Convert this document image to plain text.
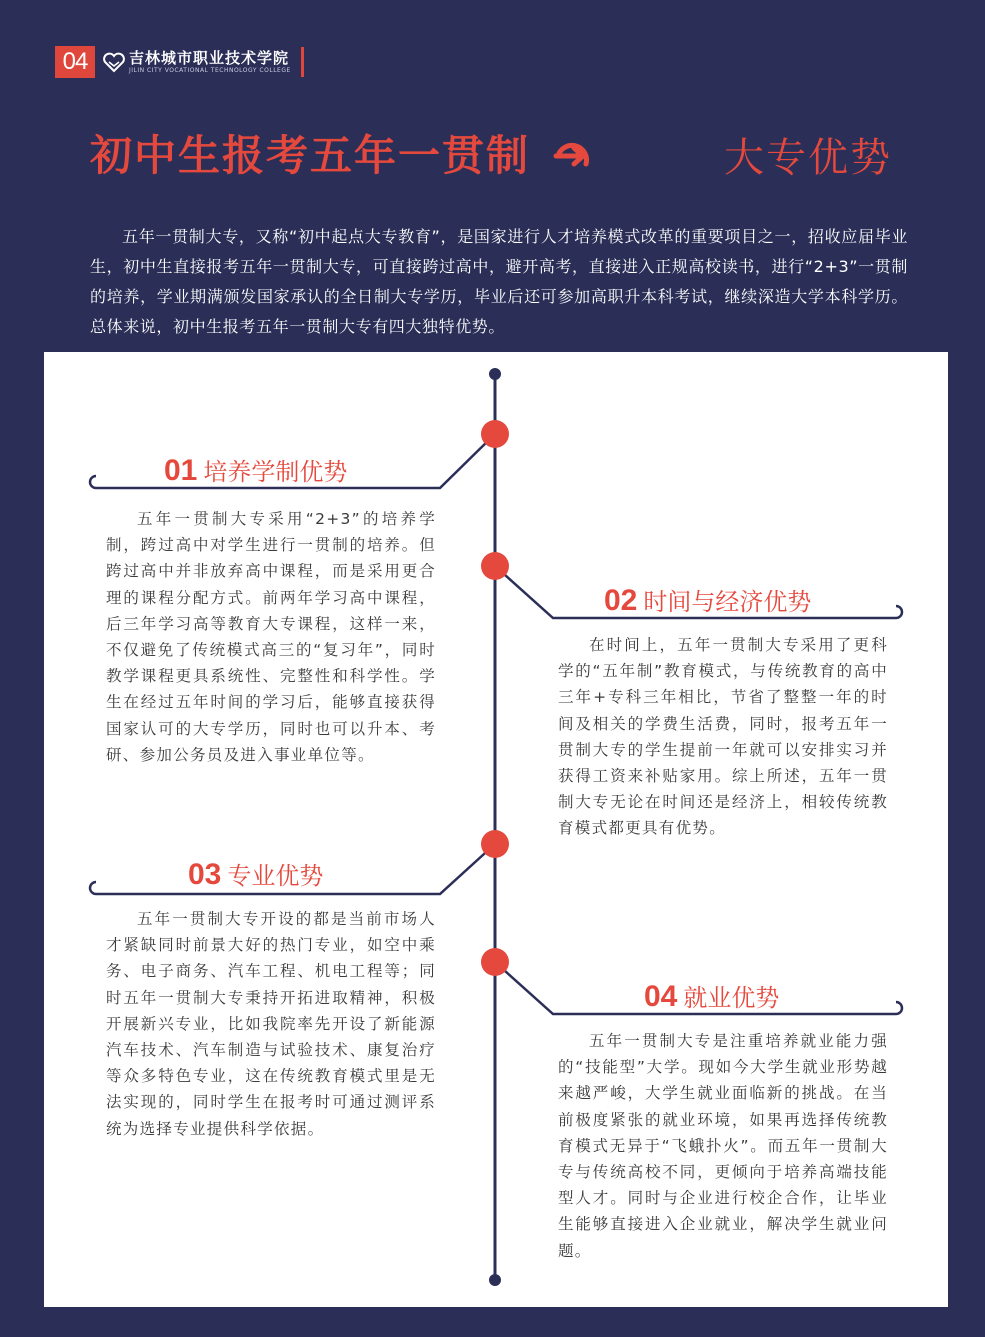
04	吉林城市职业技术学院
JILIN CITY VOCATIONAL TECHNOLOGY COLLEGE
初中生报考五年一贯制	大专优势
五年一贯制大专，又称“初中起点大专教育”，是国家进行人才培养模式改革的重要项目之一，招收应届毕业生，初中生直接报考五年一贯制大专，可直接跨过高中，避开高考，直接进入正规高校读书，进行“2+3”一贯制的培养，学业期满颁发国家承认的全日制大专学历，毕业后还可参加高职升本科考试，继续深造大学本科学历。总体来说，初中生报考五年一贯制大专有四大独特优势。
01 培养学制优势
五年一贯制大专采用“2+3”的培养学制，跨过高中对学生进行一贯制的培养。但跨过高中并非放弃高中课程，而是采用更合理的课程分配方式。前两年学习高中课程，后三年学习高等教育大专课程，这样一来，不仅避免了传统模式高三的“复习年”，同时教学课程更具系统性、完整性和科学性。学生在经过五年时间的学习后，能够直接获得国家认可的大专学历，同时也可以升本、考研、参加公务员及进入事业单位等。
02 时间与经济优势
在时间上，五年一贯制大专采用了更科学的“五年制”教育模式，与传统教育的高中三年+专科三年相比，节省了整整一年的时间及相关的学费生活费，同时，报考五年一贯制大专的学生提前一年就可以安排实习并获得工资来补贴家用。综上所述，五年一贯制大专无论在时间还是经济上，相较传统教育模式都更具有优势。
03 专业优势
五年一贯制大专开设的都是当前市场人才紧缺同时前景大好的热门专业，如空中乘务、电子商务、汽车工程、机电工程等；同时五年一贯制大专秉持开拓进取精神，积极开展新兴专业，比如我院率先开设了新能源汽车技术、汽车制造与试验技术、康复治疗等众多特色专业，这在传统教育模式里是无法实现的，同时学生在报考时可通过测评系统为选择专业提供科学依据。
04 就业优势
五年一贯制大专是注重培养就业能力强的“技能型”大学。现如今大学生就业形势越来越严峻，大学生就业面临新的挑战。在当前极度紧张的就业环境，如果再选择传统教育模式无异于“飞蛾扑火”。而五年一贯制大专与传统高校不同，更倾向于培养高端技能型人才。同时与企业进行校企合作，让毕业生能够直接进入企业就业，解决学生就业问题。
